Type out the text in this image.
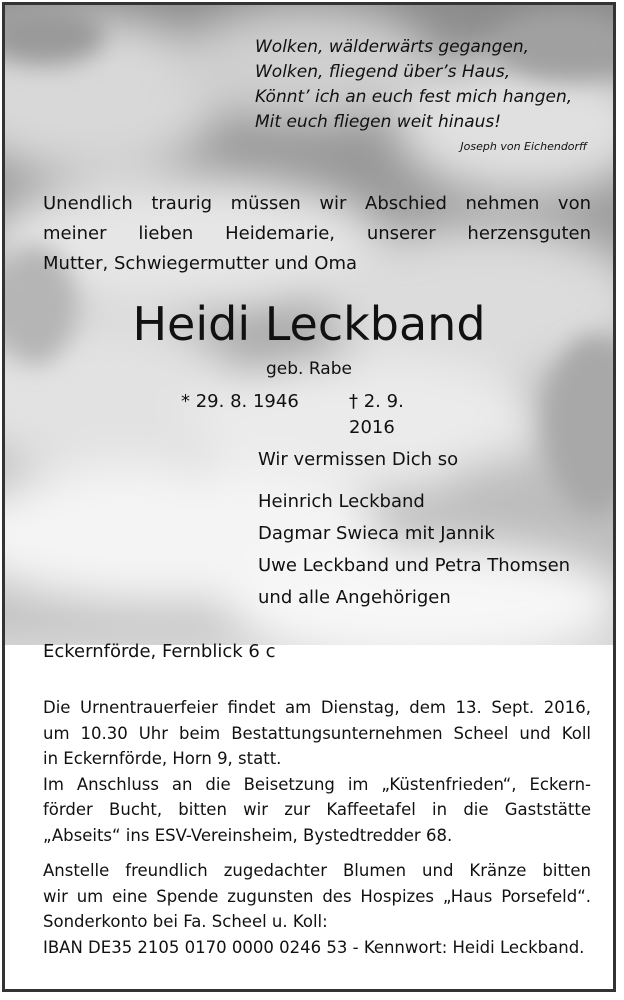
Wolken, wälderwärts gegangen,
Wolken, fliegend über’s Haus,
Könnt’ ich an euch fest mich hangen,
Mit euch fliegen weit hinaus!
Joseph von Eichendorff
Unendlich traurig müssen wir Abschied nehmen von
meiner lieben Heidemarie, unserer herzensguten
Mutter, Schwiegermutter und Oma
Heidi Leckband
geb. Rabe
* 29. 8. 1946	† 2. 9. 2016
Wir vermissen Dich so
Heinrich Leckband
Dagmar Swieca mit Jannik
Uwe Leckband und Petra Thomsen
und alle Angehörigen
Eckernförde, Fernblick 6 c
Die Urnentrauerfeier findet am Dienstag, dem 13. Sept. 2016,
um 10.30 Uhr beim Bestattungsunternehmen Scheel und Koll
in Eckernförde, Horn 9, statt.
Im Anschluss an die Beisetzung im „Küstenfrieden“, Eckern-
förder Bucht, bitten wir zur Kaffeetafel in die Gaststätte
„Abseits“ ins ESV-Vereinsheim, Bystedtredder 68.
Anstelle freundlich zugedachter Blumen und Kränze bitten
wir um eine Spende zugunsten des Hospizes „Haus Porsefeld“.
Sonderkonto bei Fa. Scheel u. Koll:
IBAN DE35 2105 0170 0000 0246 53 - Kennwort: Heidi Leckband.
